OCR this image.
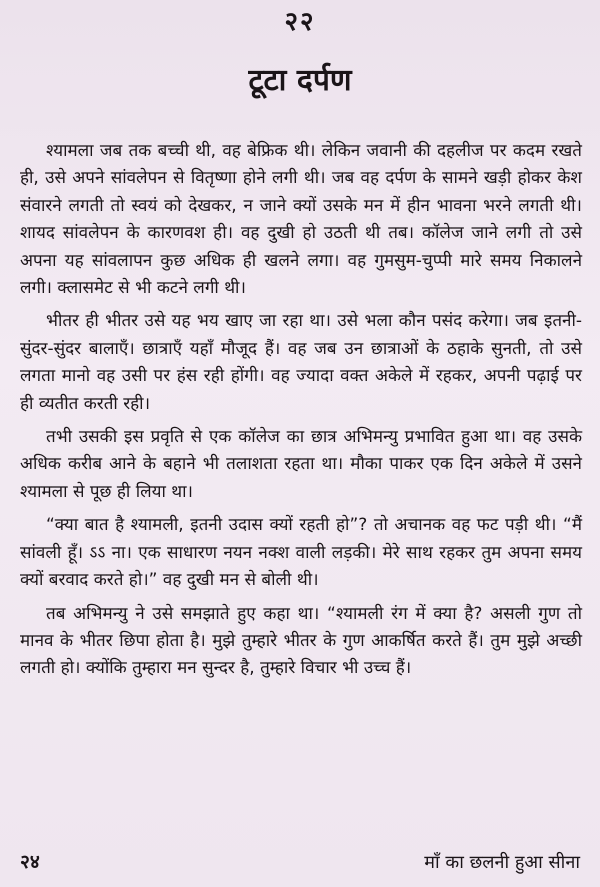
२२
टूटा दर्पण

श्यामला जब तक बच्ची थी, वह बेफ्रिक थी। लेकिन जवानी की दहलीज पर कदम रखते ही, उसे अपने सांवलेपन से वितृष्णा होने लगी थी। जब वह दर्पण के सामने खड़ी होकर केश संवारने लगती तो स्वयं को देखकर, न जाने क्यों उसके मन में हीन भावना भरने लगती थी। शायद सांवलेपन के कारणवश ही। वह दुखी हो उठती थी तब। कॉलेज जाने लगी तो उसे अपना यह सांवलापन कुछ अधिक ही खलने लगा। वह गुमसुम-चुप्पी मारे समय निकालने लगी। क्लासमेट से भी कटने लगी थी।

भीतर ही भीतर उसे यह भय खाए जा रहा था। उसे भला कौन पसंद करेगा। जब इतनी-सुंदर-सुंदर बालाएँ। छात्राएँ यहाँ मौजूद हैं। वह जब उन छात्राओं के ठहाके सुनती, तो उसे लगता मानो वह उसी पर हंस रही होंगी। वह ज्यादा वक्त अकेले में रहकर, अपनी पढ़ाई पर ही व्यतीत करती रही।

तभी उसकी इस प्रवृति से एक कॉलेज का छात्र अभिमन्यु प्रभावित हुआ था। वह उसके अधिक करीब आने के बहाने भी तलाशता रहता था। मौका पाकर एक दिन अकेले में उसने श्यामला से पूछ ही लिया था।

“क्या बात है श्यामली, इतनी उदास क्यों रहती हो”? तो अचानक वह फट पड़ी थी। “मैं सांवली हूँ। ऽऽ ना। एक साधारण नयन नक्श वाली लड़की। मेरे साथ रहकर तुम अपना समय क्यों बरवाद करते हो।” वह दुखी मन से बोली थी।

तब अभिमन्यु ने उसे समझाते हुए कहा था। “श्यामली रंग में क्या है? असली गुण तो मानव के भीतर छिपा होता है। मुझे तुम्हारे भीतर के गुण आकर्षित करते हैं। तुम मुझे अच्छी लगती हो। क्योंकि तुम्हारा मन सुन्दर है, तुम्हारे विचार भी उच्च हैं।

२४	माँ का छलनी हुआ सीना
